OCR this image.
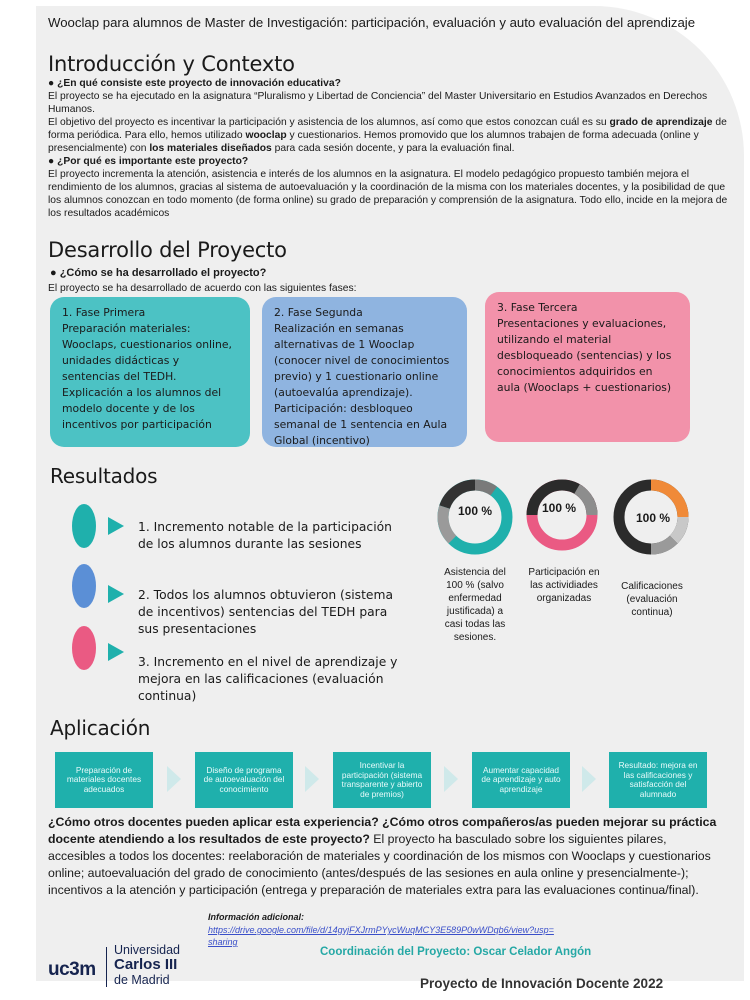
Wooclap para alumnos de Master de Investigación: participación, evaluación y auto evaluación del aprendizaje
Introducción y Contexto

● ¿En qué consiste este proyecto de innovación educativa?

El proyecto se ha ejecutado en la asignatura “Pluralismo y Libertad de Conciencia” del Master Universitario en Estudios Avanzados en Derechos Humanos.

El objetivo del proyecto es incentivar la participación y asistencia de los alumnos, así como que estos conozcan cuál es su grado de aprendizaje de forma periódica. Para ello, hemos utilizado wooclap y cuestionarios. Hemos promovido que los alumnos trabajen de forma adecuada (online y presencialmente) con los materiales diseñados para cada sesión docente, y para la evaluación final.

● ¿Por qué es importante este proyecto?

El proyecto incrementa la atención, asistencia e interés de los alumnos en la asignatura. El modelo pedagógico propuesto también mejora el rendimiento de los alumnos, gracias al sistema de autoevaluación y la coordinación de la misma con los materiales docentes, y la posibilidad de que los alumnos conozcan en todo momento (de forma online) su grado de preparación y comprensión de la asignatura. Todo ello, incide en la mejora de los resultados académicos

Desarrollo del Proyecto
● ¿Cómo se ha desarrollado el proyecto?
El proyecto se ha desarrollado de acuerdo con las siguientes fases:
1. Fase Primera
Preparación materiales: Wooclaps, cuestionarios online, unidades didácticas y sentencias del TEDH. Explicación a los alumnos del modelo docente y de los incentivos por participación
2. Fase Segunda
Realización en semanas alternativas de 1 Wooclap (conocer nivel de conocimientos previo) y 1 cuestionario online (autoevalúa aprendizaje). Participación: desbloqueo semanal de 1 sentencia en Aula Global (incentivo)
3. Fase Tercera
Presentaciones y evaluaciones, utilizando el material desbloqueado (sentencias) y los conocimientos adquiridos en aula (Wooclaps + cuestionarios)
Resultados
1. Incremento notable de la participación de los alumnos durante las sesiones
2. Todos los alumnos obtuvieron (sistema de incentivos) sentencias del TEDH para sus presentaciones
3. Incremento en el nivel de aprendizaje y mejora en las calificaciones (evaluación continua)
100 %	100 %
100 %
Asistencia del 100 % (salvo enfermedad justificada) a casi todas las sesiones.
Participación en las actividiades organizadas
Calificaciones (evaluación continua)
Aplicación
Preparación de materiales docentes adecuados
Diseño de programa de autoevaluación del conocimiento
Incentivar la participación (sistema transparente y abierto de premios)
Aumentar capacidad de aprendizaje y auto aprendizaje
Resultado: mejora en las calificaciones y satisfacción del alumnado
¿Cómo otros docentes pueden aplicar esta experiencia? ¿Cómo otros compañeros/as pueden mejorar su práctica docente atendiendo a los resultados de este proyecto? El proyecto ha basculado sobre los siguientes pilares, accesibles a todos los docentes: reelaboración de materiales y coordinación de los mismos con Wooclaps y cuestionarios online; autoevaluación del grado de conocimiento (antes/después de las sesiones en aula online y presencialmente-); incentivos a la atención y participación (entrega y preparación de materiales extra para las evaluaciones continua/final).
Información adicional:
https://drive.google.com/file/d/14gyjFXJrmPYycWuqMCY3E589P0wWDqb6/view?usp=sharing
Coordinación del Proyecto: Oscar Celador Angón
uc3m
Universidad
Carlos III
de Madrid	Proyecto de Innovación Docente 2022
